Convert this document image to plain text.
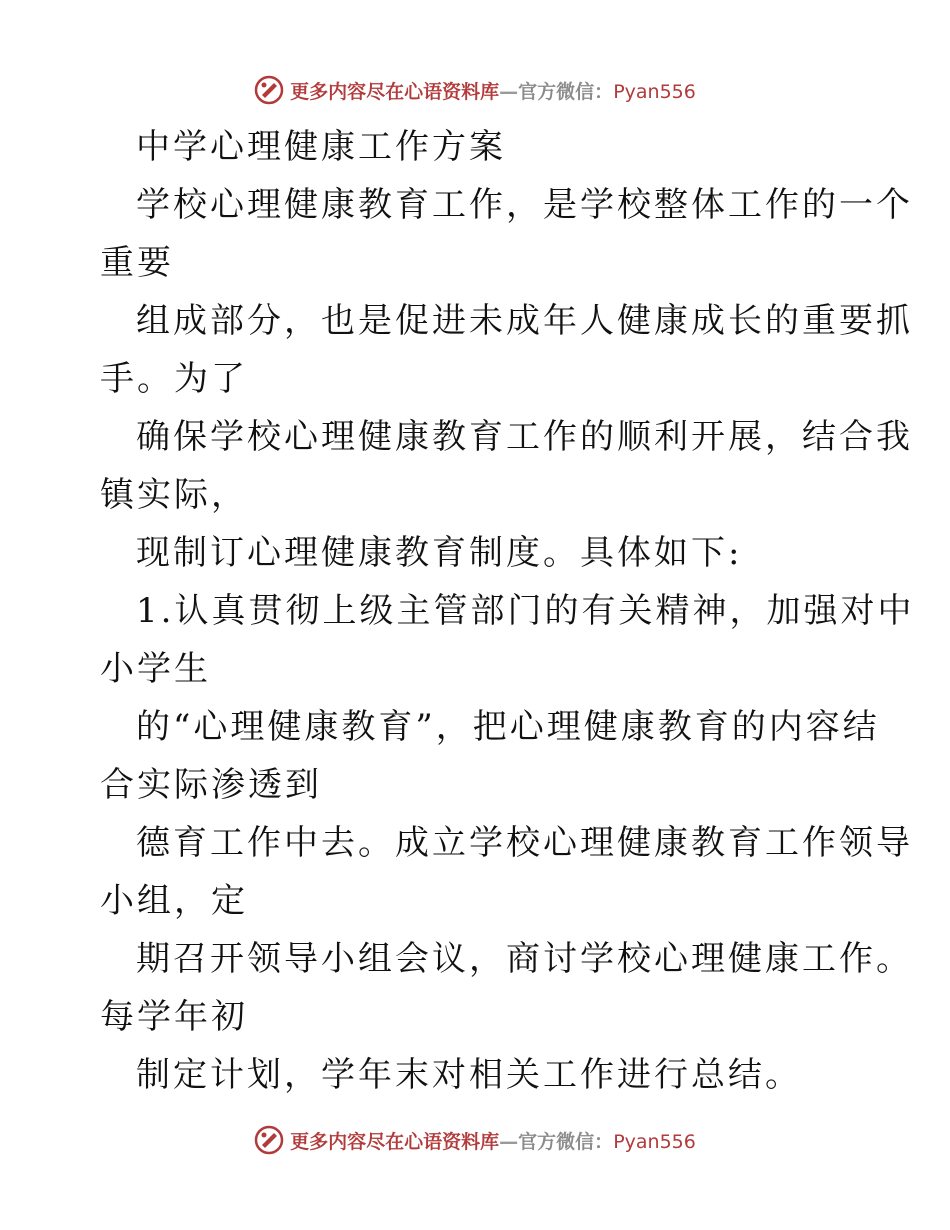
更多内容尽在心语资料库—官方微信：Pyan556
中学心理健康工作方案
学校心理健康教育工作，是学校整体工作的一个
重要
组成部分，也是促进未成年人健康成长的重要抓
手。为了
确保学校心理健康教育工作的顺利开展，结合我
镇实际，
现制订心理健康教育制度。具体如下:
1.认真贯彻上级主管部门的有关精神，加强对中
小学生
的“心理健康教育”，把心理健康教育的内容结
合实际渗透到
德育工作中去。成立学校心理健康教育工作领导
小组，定
期召开领导小组会议，商讨学校心理健康工作。
每学年初
制定计划，学年末对相关工作进行总结。
更多内容尽在心语资料库—官方微信：Pyan556
